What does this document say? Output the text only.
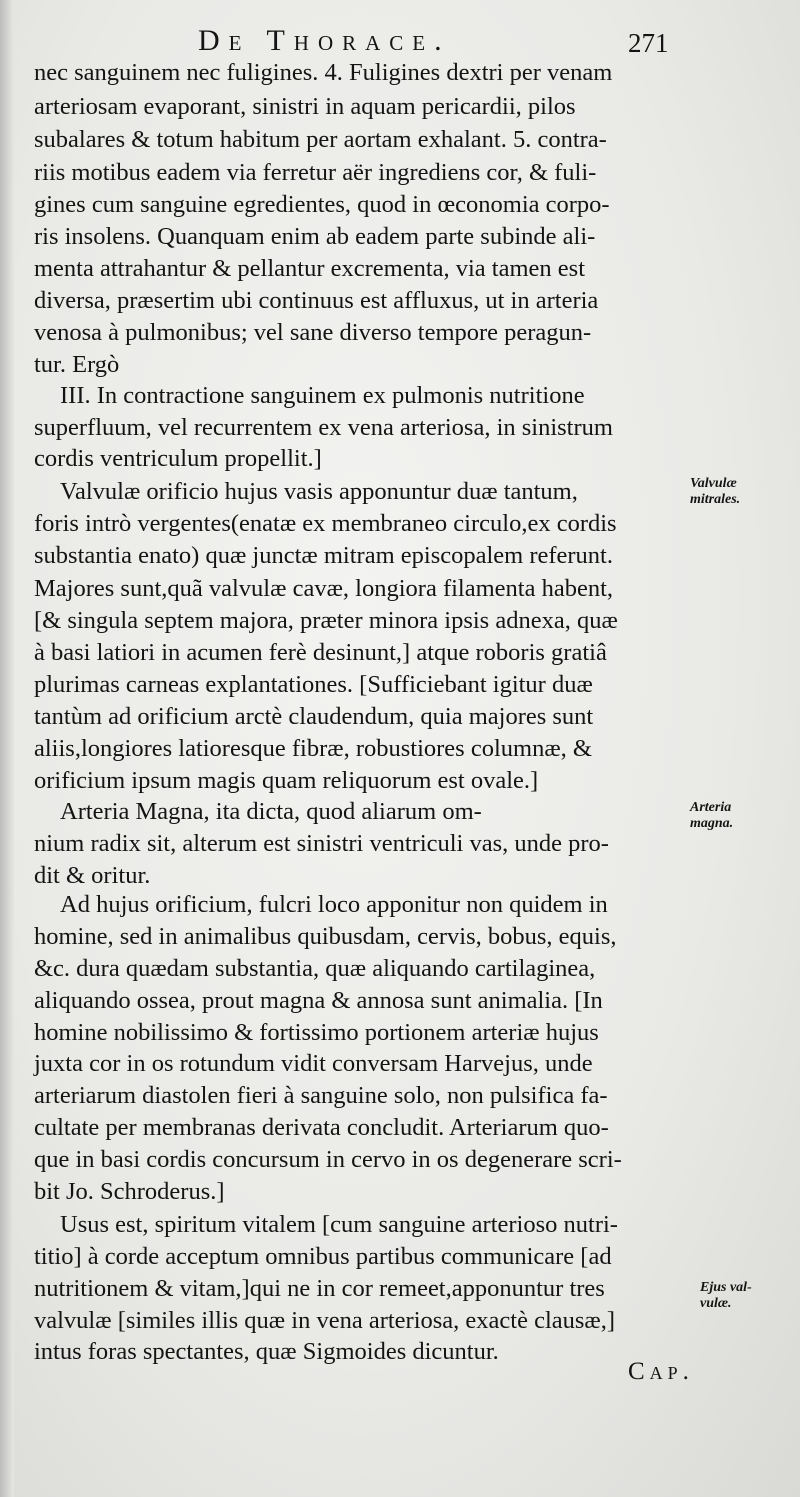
De Thorace.	271
nec sanguinem nec fuligines. 4. Fuligines dextri per venam
arteriosam evaporant, sinistri in aquam pericardii, pilos
subalares & totum habitum per aortam exhalant. 5. contra-
riis motibus eadem via ferretur aër ingrediens cor, & fuli-
gines cum sanguine egredientes, quod in œconomia corpo-
ris insolens. Quanquam enim ab eadem parte subinde ali-
menta attrahantur & pellantur excrementa, via tamen est
diversa, præsertim ubi continuus est affluxus, ut in arteria
venosa à pulmonibus; vel sane diverso tempore peragun-
tur. Ergò
III. In contractione sanguinem ex pulmonis nutritione
superfluum, vel recurrentem ex vena arteriosa, in sinistrum
cordis ventriculum propellit.]
Valvulæ orificio hujus vasis apponuntur duæ tantum,
foris intrò vergentes(enatæ ex membraneo circulo,ex cordis
substantia enato) quæ junctæ mitram episcopalem referunt.
Majores sunt,quã valvulæ cavæ, longiora filamenta habent,
[& singula septem majora, præter minora ipsis adnexa, quæ
à basi latiori in acumen ferè desinunt,] atque roboris gratiâ
plurimas carneas explantationes. [Sufficiebant igitur duæ
tantùm ad orificium arctè claudendum, quia majores sunt
aliis,longiores latioresque fibræ, robustiores columnæ, &
orificium ipsum magis quam reliquorum est ovale.]
Arteria Magna, ita dicta, quod aliarum om-
nium radix sit, alterum est sinistri ventriculi vas, unde pro-
dit & oritur.
Ad hujus orificium, fulcri loco apponitur non quidem in
homine, sed in animalibus quibusdam, cervis, bobus, equis,
&c. dura quædam substantia, quæ aliquando cartilaginea,
aliquando ossea, prout magna & annosa sunt animalia. [In
homine nobilissimo & fortissimo portionem arteriæ hujus
juxta cor in os rotundum vidit conversam Harvejus, unde
arteriarum diastolen fieri à sanguine solo, non pulsifica fa-
cultate per membranas derivata concludit. Arteriarum quo-
que in basi cordis concursum in cervo in os degenerare scri-
bit Jo. Schroderus.]
Usus est, spiritum vitalem [cum sanguine arterioso nutri-
titio] à corde acceptum omnibus partibus communicare [ad
nutritionem & vitam,]qui ne in cor remeet,apponuntur tres
valvulæ [similes illis quæ in vena arteriosa, exactè clausæ,]
intus foras spectantes, quæ Sigmoides dicuntur.
Valvulæ
mitrales.
Arteria
magna.
Ejus val-
vulæ.
Cap.
